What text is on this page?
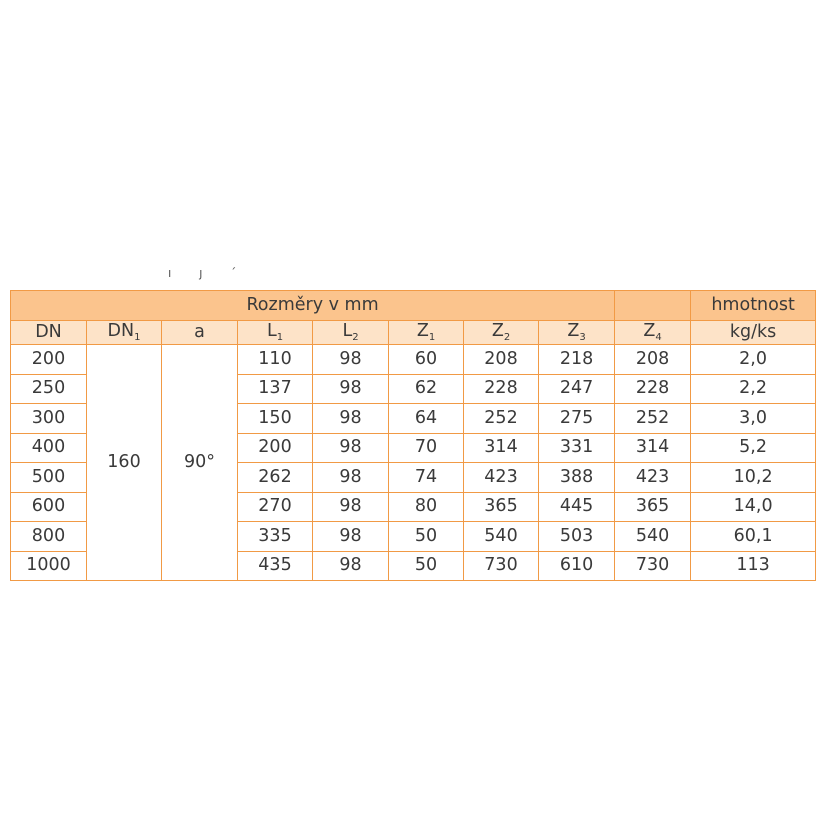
ı ȷ ´
Rozměry v mm									hmotnost
DN	$DN_1$	a	$L_1$	$L_2$	$Z_1$	$Z_2$	$Z_3$	$Z_4$	kg/ks
200	160	90°	110	98	60	208	218	208	2,0
250			137	98	62	228	247	228	2,2
300			150	98	64	252	275	252	3,0
400			200	98	70	314	331	314	5,2
500			262	98	74	423	388	423	10,2
600			270	98	80	365	445	365	14,0
800			335	98	50	540	503	540	60,1
1000			435	98	50	730	610	730	113
